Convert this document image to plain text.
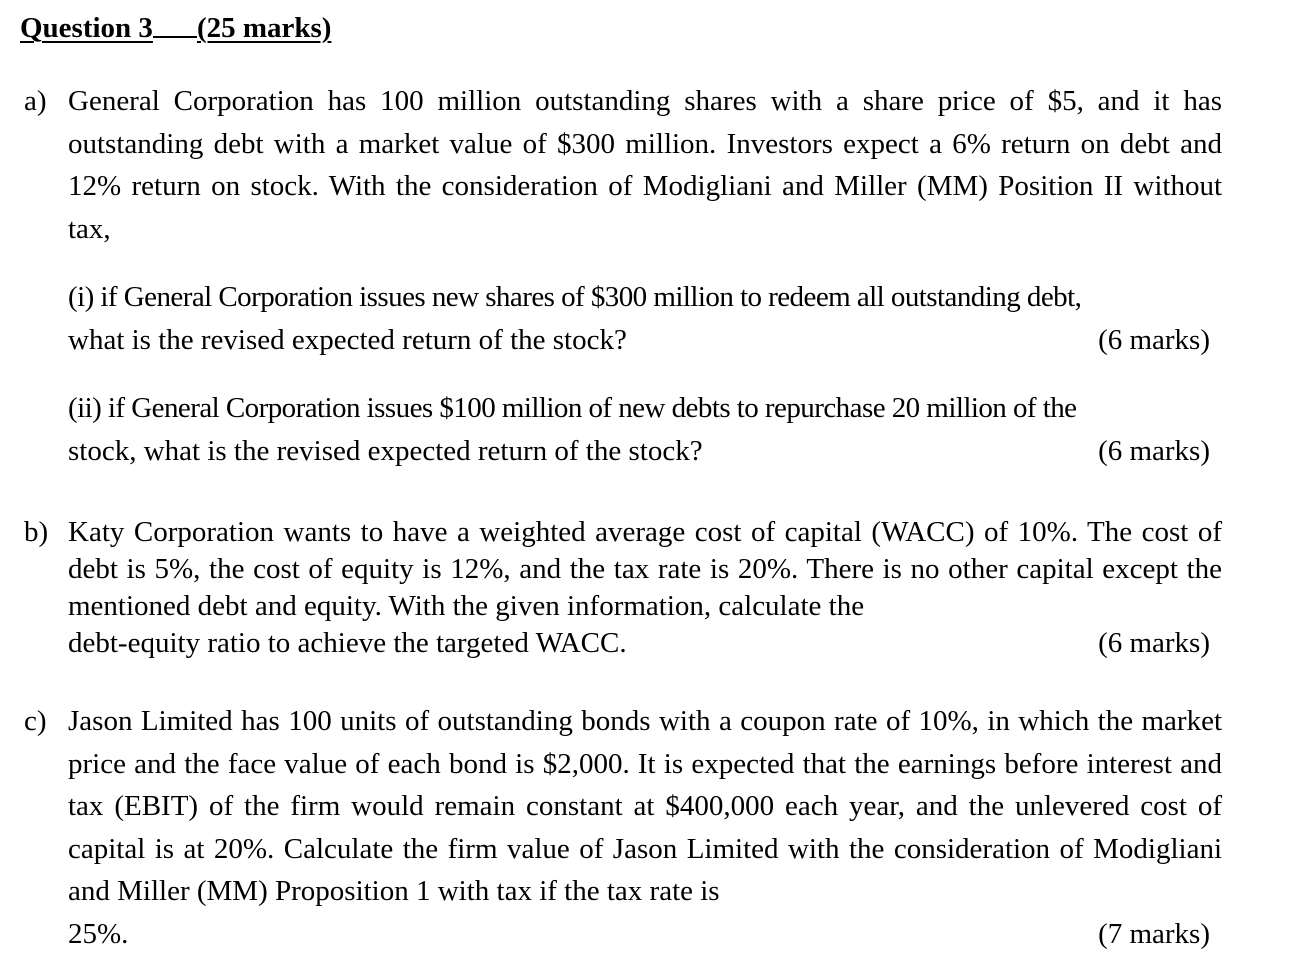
Question 3 (25 marks)
a) General Corporation has 100 million outstanding shares with a share price of $5, and it has outstanding debt with a market value of $300 million. Investors expect a 6% return on debt and 12% return on stock. With the consideration of Modigliani and Miller (MM) Position II without tax,
(i) if General Corporation issues new shares of $300 million to redeem all outstanding debt,
what is the revised expected return of the stock?	(6 marks)
(ii) if General Corporation issues $100 million of new debts to repurchase 20 million of the
stock, what is the revised expected return of the stock?	(6 marks)
b) Katy Corporation wants to have a weighted average cost of capital (WACC) of 10%. The cost of debt is 5%, the cost of equity is 12%, and the tax rate is 20%. There is no other capital except the mentioned debt and equity. With the given information, calculate the
debt-equity ratio to achieve the targeted WACC.	(6 marks)
c) Jason Limited has 100 units of outstanding bonds with a coupon rate of 10%, in which the market price and the face value of each bond is $2,000. It is expected that the earnings before interest and tax (EBIT) of the firm would remain constant at $400,000 each year, and the unlevered cost of capital is at 20%. Calculate the firm value of Jason Limited with the consideration of Modigliani and Miller (MM) Proposition 1 with tax if the tax rate is
25%.	(7 marks)
